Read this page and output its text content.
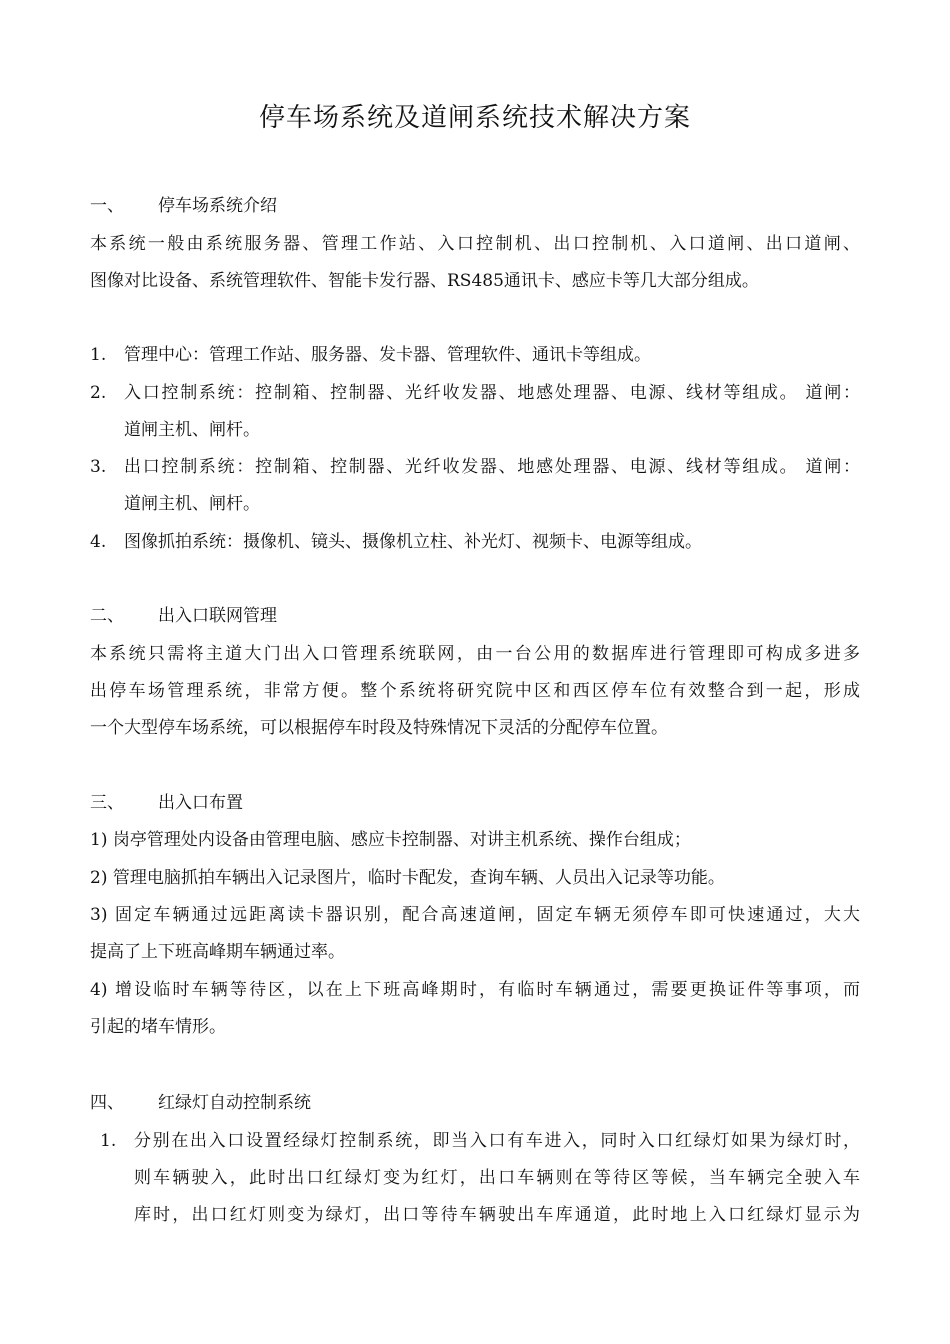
停车场系统及道闸系统技术解决方案
一、 停车场系统介绍
本系统一般由系统服务器、管理工作站、入口控制机、出口控制机、入口道闸、出口道闸、
图像对比设备、系统管理软件、智能卡发行器、RS485通讯卡、感应卡等几大部分组成。
1. 管理中心：管理工作站、服务器、发卡器、管理软件、通讯卡等组成。
2. 入口控制系统：控制箱、控制器、光纤收发器、地感处理器、电源、线材等组成。 道闸：
道闸主机、闸杆。
3. 出口控制系统：控制箱、控制器、光纤收发器、地感处理器、电源、线材等组成。 道闸：
道闸主机、闸杆。
4. 图像抓拍系统：摄像机、镜头、摄像机立柱、补光灯、视频卡、电源等组成。
二、 出入口联网管理
本系统只需将主道大门出入口管理系统联网，由一台公用的数据库进行管理即可构成多进多
出停车场管理系统，非常方便。整个系统将研究院中区和西区停车位有效整合到一起，形成
一个大型停车场系统，可以根据停车时段及特殊情况下灵活的分配停车位置。
三、 出入口布置
1) 岗亭管理处内设备由管理电脑、感应卡控制器、对讲主机系统、操作台组成；
2) 管理电脑抓拍车辆出入记录图片，临时卡配发，查询车辆、人员出入记录等功能。
3) 固定车辆通过远距离读卡器识别，配合高速道闸，固定车辆无须停车即可快速通过，大大
提高了上下班高峰期车辆通过率。
4) 增设临时车辆等待区，以在上下班高峰期时，有临时车辆通过，需要更换证件等事项，而
引起的堵车情形。
四、 红绿灯自动控制系统
1. 分别在出入口设置经绿灯控制系统，即当入口有车进入，同时入口红绿灯如果为绿灯时，
则车辆驶入，此时出口红绿灯变为红灯，出口车辆则在等待区等候，当车辆完全驶入车
库时，出口红灯则变为绿灯，出口等待车辆驶出车库通道，此时地上入口红绿灯显示为
